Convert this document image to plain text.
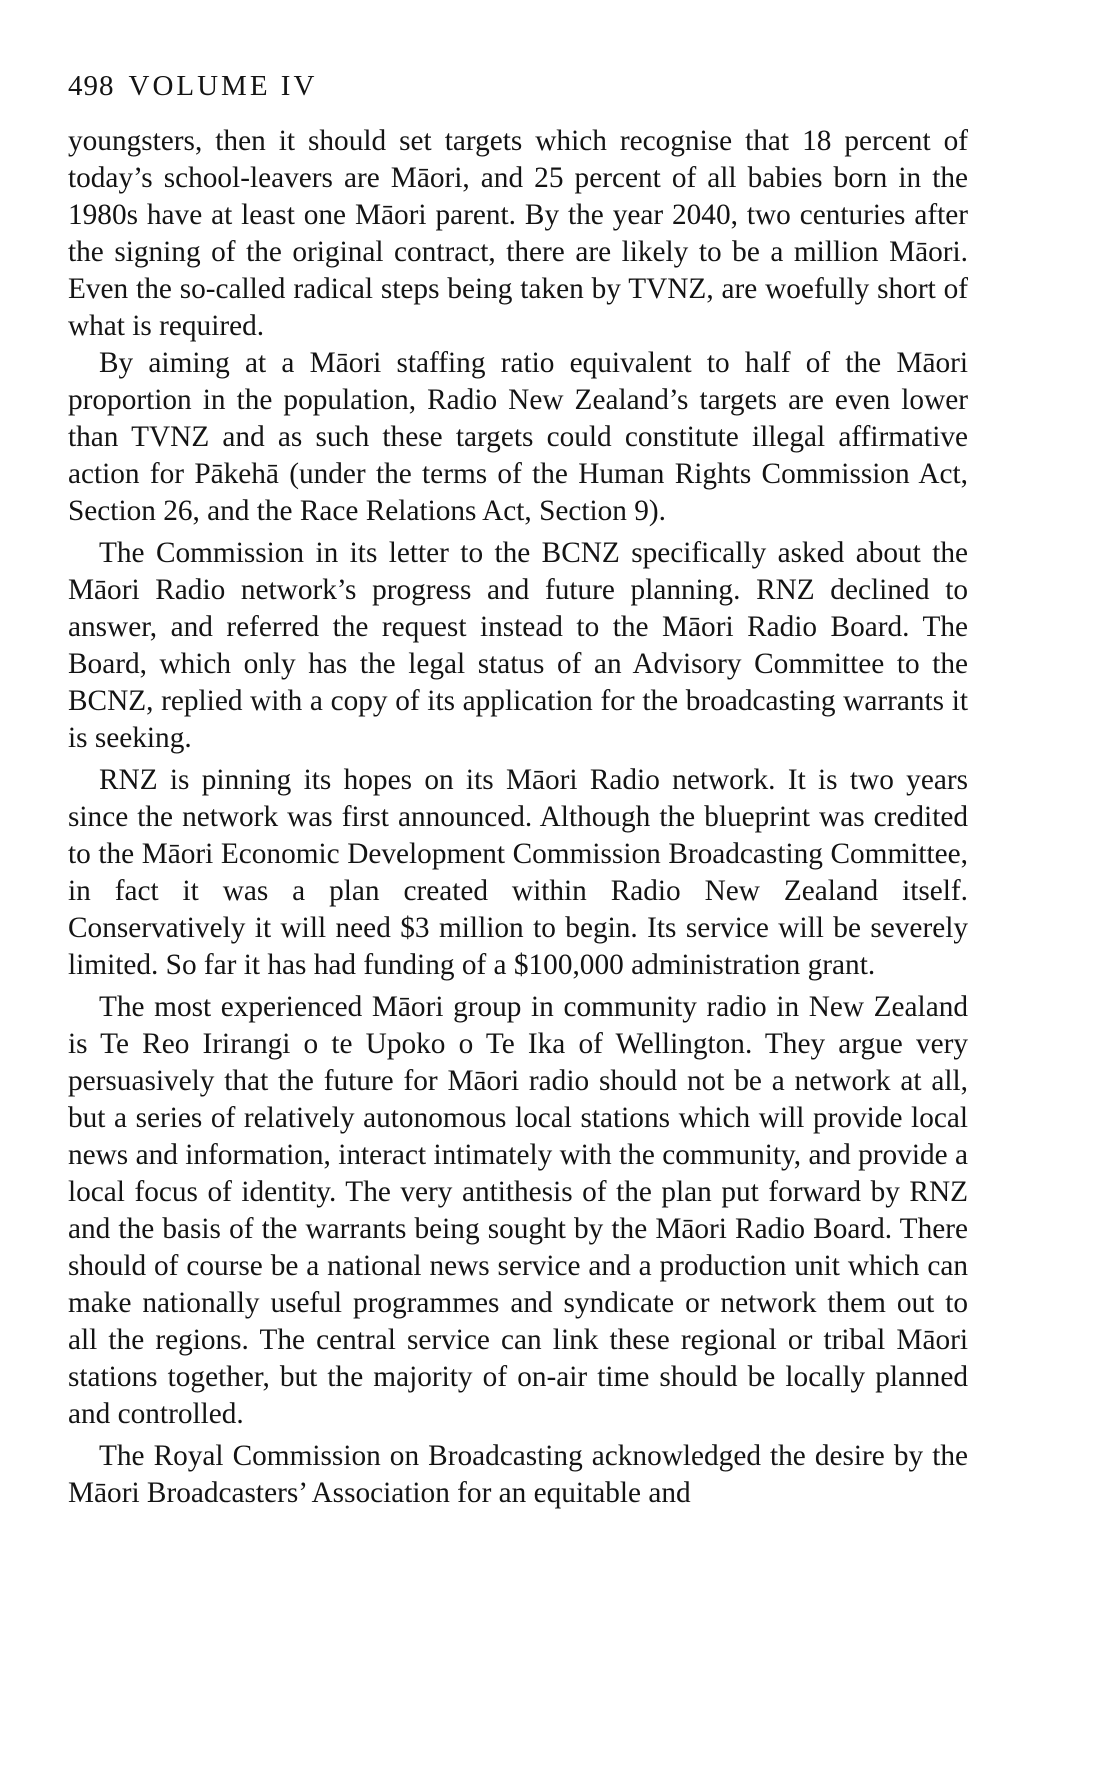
498 VOLUME IV

youngsters, then it should set targets which recognise that 18 percent of today’s school-leavers are Māori, and 25 percent of all babies born in the 1980s have at least one Māori parent. By the year 2040, two centuries after the signing of the original contract, there are likely to be a million Māori. Even the so-called radical steps being taken by TVNZ, are woefully short of what is required.

By aiming at a Māori staffing ratio equivalent to half of the Māori proportion in the population, Radio New Zealand’s targets are even lower than TVNZ and as such these targets could constitute illegal affirmative action for Pākehā (under the terms of the Human Rights Commission Act, Section 26, and the Race Relations Act, Section 9).

The Commission in its letter to the BCNZ specifically asked about the Māori Radio network’s progress and future planning. RNZ declined to answer, and referred the request instead to the Māori Radio Board. The Board, which only has the legal status of an Advisory Committee to the BCNZ, replied with a copy of its application for the broadcasting warrants it is seeking.

RNZ is pinning its hopes on its Māori Radio network. It is two years since the network was first announced. Although the blueprint was credited to the Māori Economic Development Commission Broadcasting Committee, in fact it was a plan created within Radio New Zealand itself. Conservatively it will need $3 million to begin. Its service will be severely limited. So far it has had funding of a $100,000 administration grant.

The most experienced Māori group in community radio in New Zealand is Te Reo Irirangi o te Upoko o Te Ika of Wellington. They argue very persuasively that the future for Māori radio should not be a network at all, but a series of relatively autonomous local stations which will provide local news and information, interact intimately with the community, and provide a local focus of identity. The very antithesis of the plan put forward by RNZ and the basis of the warrants being sought by the Māori Radio Board. There should of course be a national news service and a production unit which can make nationally useful programmes and syndicate or network them out to all the regions. The central service can link these regional or tribal Māori stations together, but the majority of on-air time should be locally planned and controlled.

The Royal Commission on Broadcasting acknowledged the desire by the Māori Broadcasters’ Association for an equitable and
